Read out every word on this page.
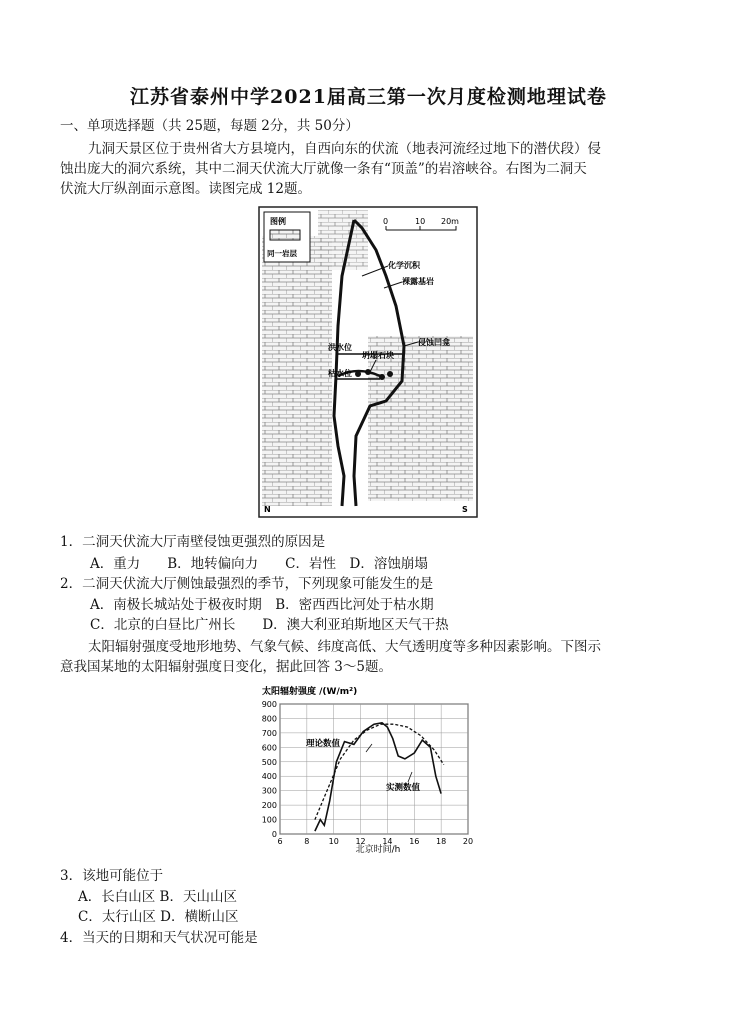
江苏省泰州中学2021届高三第一次月度检测地理试卷
一、单项选择题（共 25题，每题 2分，共 50分）
九洞天景区位于贵州省大方县境内，自西向东的伏流（地表河流经过地下的潜伏段）侵
蚀出庞大的洞穴系统，其中二洞天伏流大厅就像一条有“顶盖”的岩溶峡谷。右图为二洞天
伏流大厅纵剖面示意图。读图完成 12题。
图例
同一岩层
0	10 20m
化学沉积
裸露基岩
洪水位
坍塌石块
侵蚀凹龛
枯水位
N	S
1．二洞天伏流大厅南壁侵蚀更强烈的原因是
A．重力　　B．地转偏向力　　C．岩性　D．溶蚀崩塌
2．二洞天伏流大厅侧蚀最强烈的季节，下列现象可能发生的是
A．南极长城站处于极夜时期　B．密西西比河处于枯水期
C．北京的白昼比广州长　　D．澳大利亚珀斯地区天气干热
太阳辐射强度受地形地势、气象气候、纬度高低、大气透明度等多种因素影响。下图示
意我国某地的太阳辐射强度日变化，据此回答 3～5题。
太阳辐射强度 /(W/m²)
0
100
200
300
400
500
600
700
800
900
6	8 10 12 14 16 18 20
北京时间/h
理论数值
实测数值
3．该地可能位于
A．长白山区 B．天山山区
C．太行山区 D．横断山区
4．当天的日期和天气状况可能是
